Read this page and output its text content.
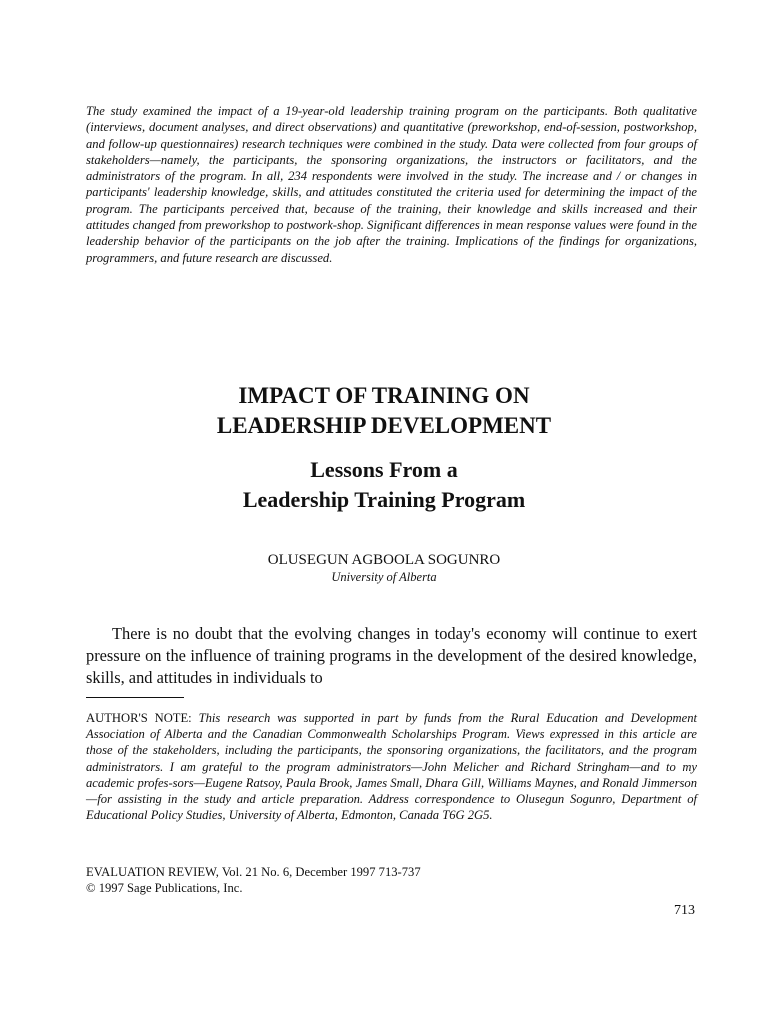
The study examined the impact of a 19-year-old leadership training program on the participants. Both qualitative (interviews, document analyses, and direct observations) and quantitative (preworkshop, end-of-session, postworkshop, and follow-up questionnaires) research techniques were combined in the study. Data were collected from four groups of stakeholders—namely, the participants, the sponsoring organizations, the instructors or facilitators, and the administrators of the program. In all, 234 respondents were involved in the study. The increase and / or changes in participants' leadership knowledge, skills, and attitudes constituted the criteria used for determining the impact of the program. The participants perceived that, because of the training, their knowledge and skills increased and their attitudes changed from preworkshop to postwork-shop. Significant differences in mean response values were found in the leadership behavior of the participants on the job after the training. Implications of the findings for organizations, programmers, and future research are discussed.

IMPACT OF TRAINING ON
LEADERSHIP DEVELOPMENT
Lessons From a
Leadership Training Program

OLUSEGUN AGBOOLA SOGUNRO

University of Alberta

There is no doubt that the evolving changes in today's economy will continue to exert pressure on the influence of training programs in the development of the desired knowledge, skills, and attitudes in individuals to

AUTHOR'S NOTE: This research was supported in part by funds from the Rural Education and Development Association of Alberta and the Canadian Commonwealth Scholarships Program. Views expressed in this article are those of the stakeholders, including the participants, the sponsoring organizations, the facilitators, and the program administrators. I am grateful to the program administrators—John Melicher and Richard Stringham—and to my academic profes-sors—Eugene Ratsoy, Paula Brook, James Small, Dhara Gill, Williams Maynes, and Ronald Jimmerson—for assisting in the study and article preparation. Address correspondence to Olusegun Sogunro, Department of Educational Policy Studies, University of Alberta, Edmonton, Canada T6G 2G5.

EVALUATION REVIEW, Vol. 21 No. 6, December 1997 713-737
© 1997 Sage Publications, Inc.

713
